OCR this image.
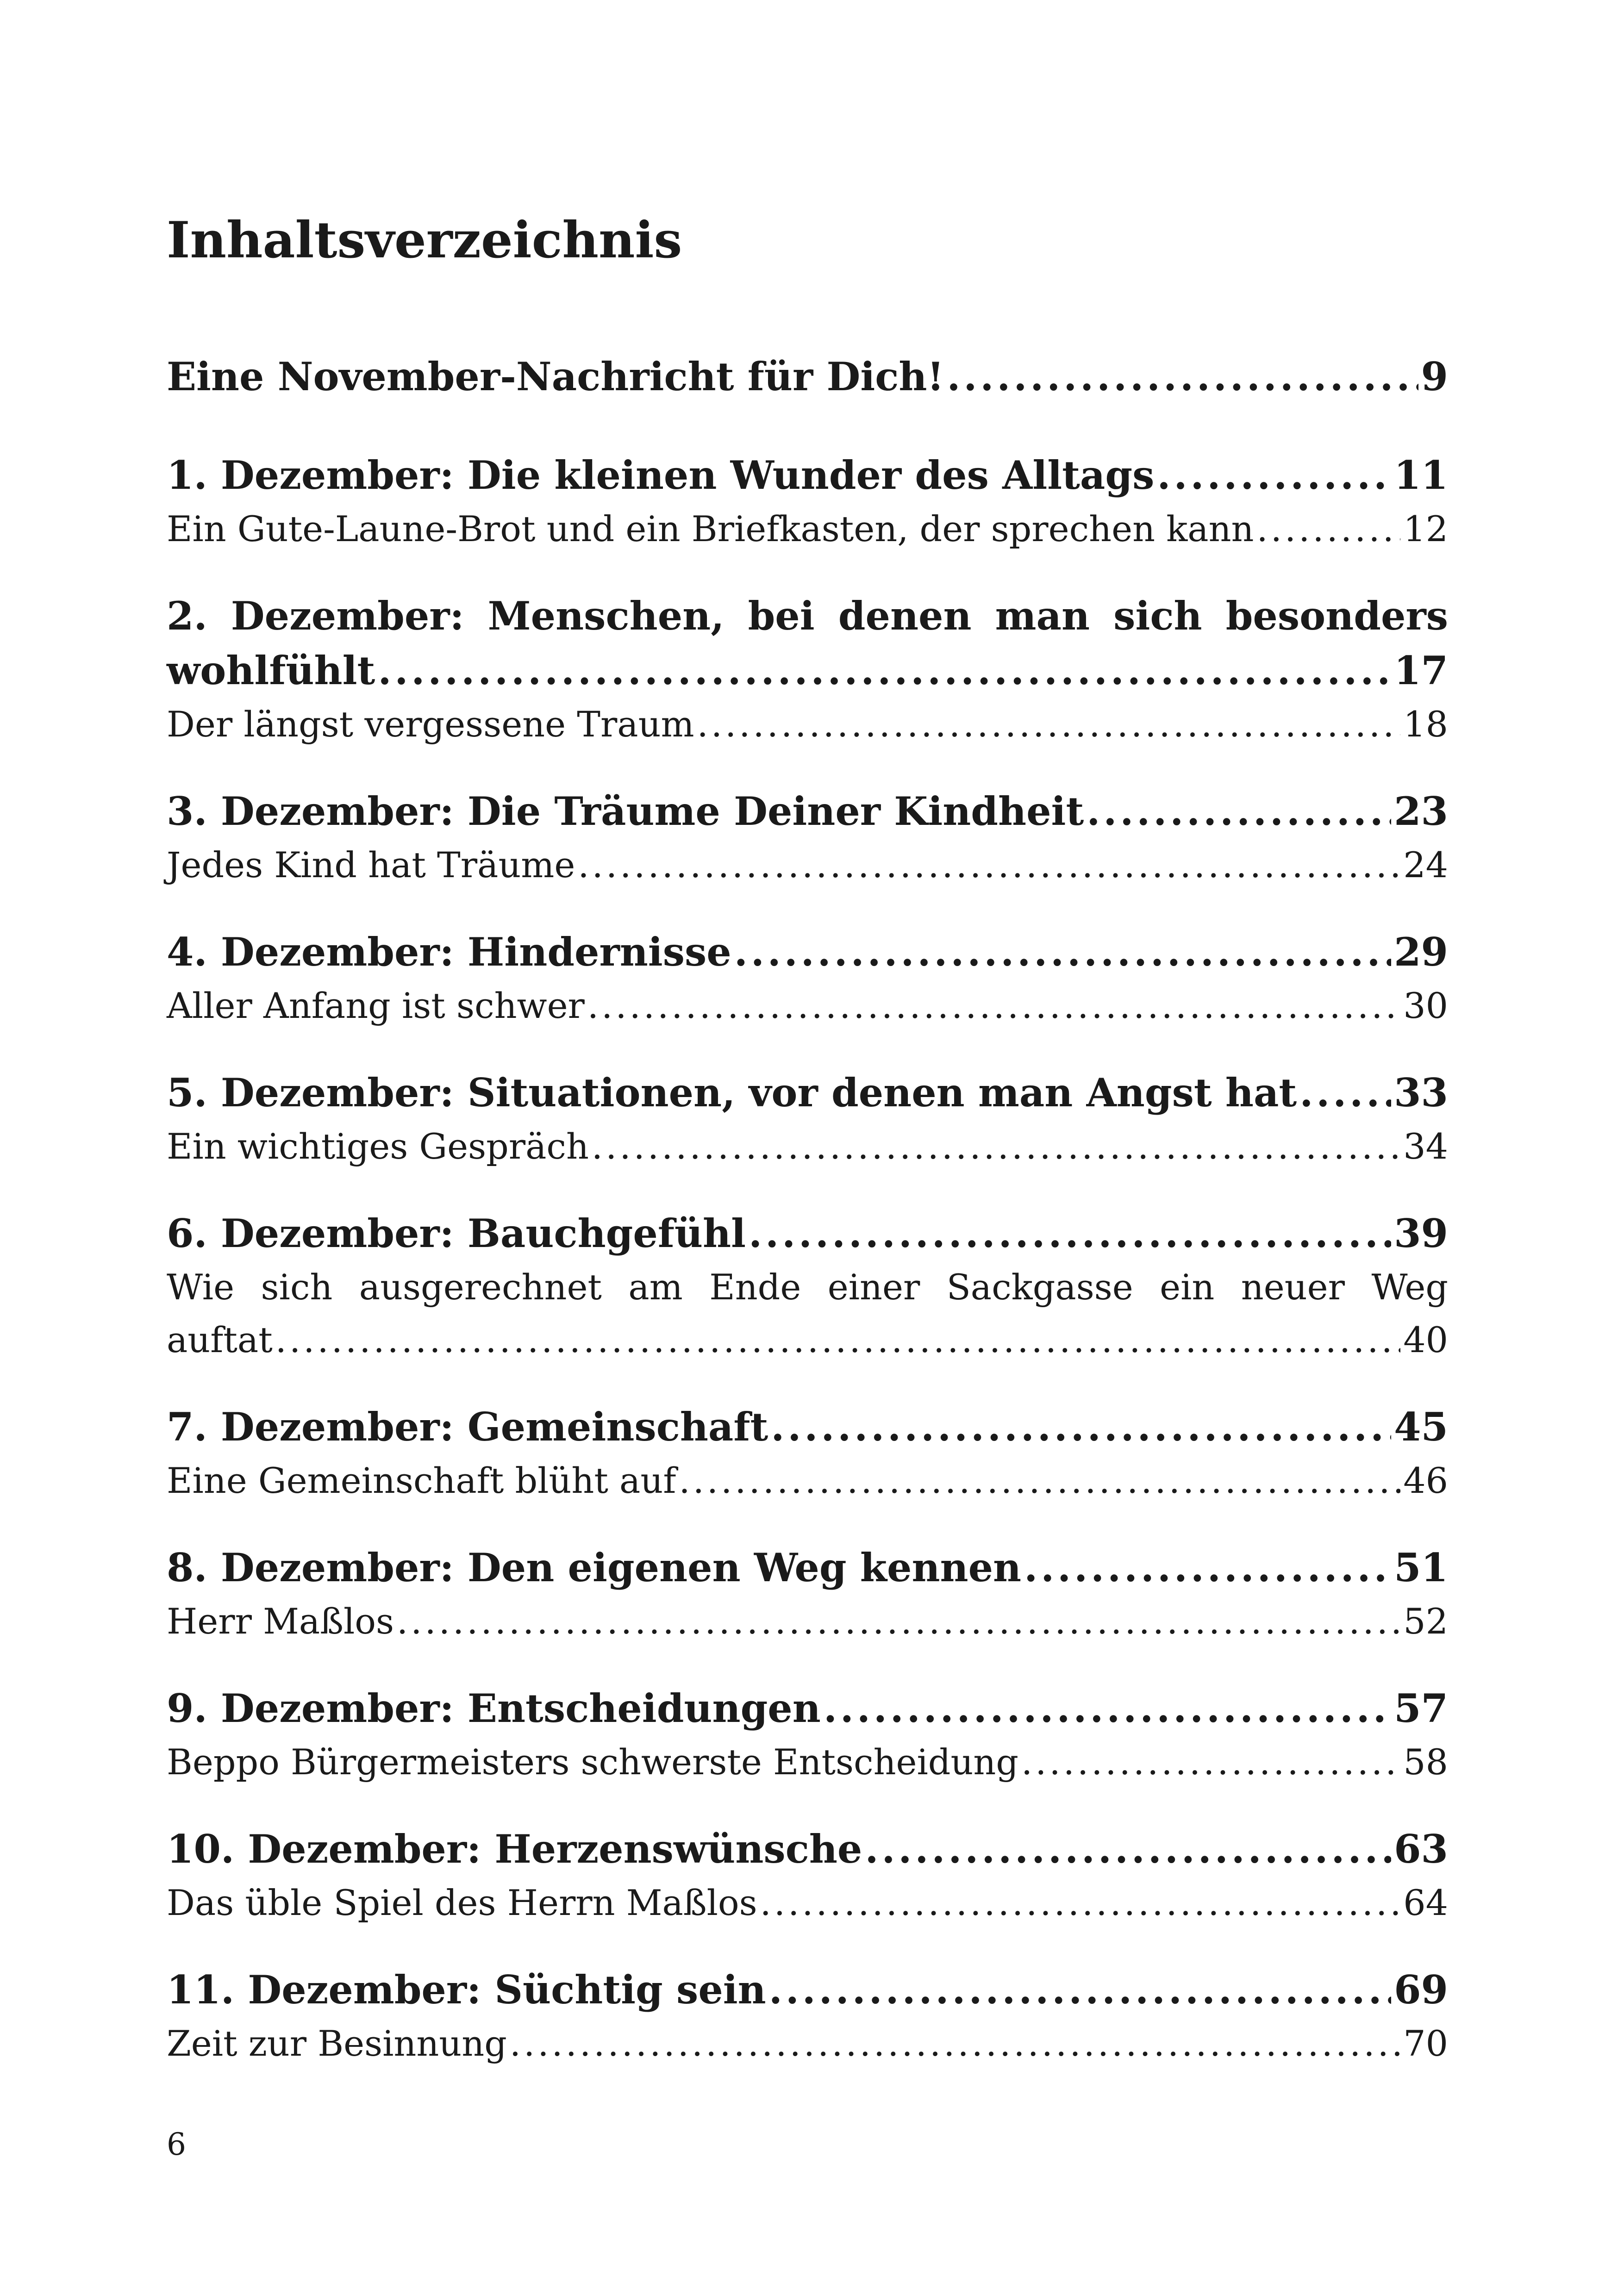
Inhaltsverzeichnis
Eine November-Nachricht für Dich! .....	9
1. Dezember: Die kleinen Wunder des Alltags .....	11
Ein Gute-Laune-Brot und ein Briefkasten, der sprechen kann .....	12
2. Dezember: Menschen, bei denen man sich besonders
wohlfühlt .....	17
Der längst vergessene Traum .....	18
3. Dezember: Die Träume Deiner Kindheit .....	23
Jedes Kind hat Träume .....	24
4. Dezember: Hindernisse .....	29
Aller Anfang ist schwer .....	30
5. Dezember: Situationen, vor denen man Angst hat ..... 33
Ein wichtiges Gespräch .....	34
6. Dezember: Bauchgefühl .....	39
Wie sich ausgerechnet am Ende einer Sackgasse ein neuer Weg
auftat .....	40
7. Dezember: Gemeinschaft .....	45
Eine Gemeinschaft blüht auf .....	46
8. Dezember: Den eigenen Weg kennen .....	51
Herr Maßlos .....	52
9. Dezember: Entscheidungen .....	57
Beppo Bürgermeisters schwerste Entscheidung .....	58
10. Dezember: Herzenswünsche .....	63
Das üble Spiel des Herrn Maßlos .....	64
11. Dezember: Süchtig sein .....	69
Zeit zur Besinnung .....	70
6
